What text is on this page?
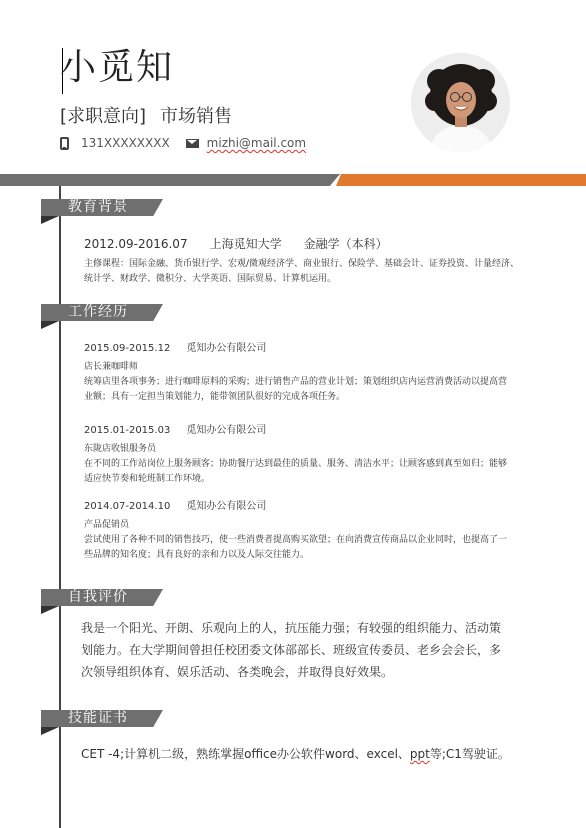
小觅知
[求职意向] 市场销售
131XXXXXXXX	mizhi@mail.com
教育背景
2012.09-2016.07 上海觅知大学 金融学（本科）
主修课程：国际金融、货币银行学、宏观/微观经济学、商业银行、保险学、基础会计、证券投资、计量经济、统计学、财政学、微积分、大学英语、国际贸易、计算机运用。
工作经历
2015.09-2015.12 觅知办公有限公司
店长兼咖啡师
统筹店里各项事务；进行咖啡原料的采购；进行销售产品的营业计划；策划组织店内运营消费活动以提高营业额；具有一定担当策划能力，能带领团队很好的完成各项任务。
2015.01-2015.03 觅知办公有限公司
东陇店收银服务员
在不同的工作站岗位上服务顾客；协助餐厅达到最佳的质量、服务、清洁水平；让顾客感到真至如归；能够适应快节奏和轮班制工作环境。
2014.07-2014.10 觅知办公有限公司
产品促销员
尝试使用了各种不同的销售技巧，使一些消费者提高购买欲望；在向消费宣传商品以企业同时，也提高了一些品牌的知名度；具有良好的亲和力以及人际交往能力。
自我评价
我是一个阳光、开朗、乐观向上的人，抗压能力强；有较强的组织能力、活动策划能力。在大学期间曾担任校团委文体部部长、班级宣传委员、老乡会会长，多次领导组织体育、娱乐活动、各类晚会，并取得良好效果。
技能证书
CET -4;计算机二级，熟练掌握office办公软件word、excel、ppt等;C1驾驶证。
